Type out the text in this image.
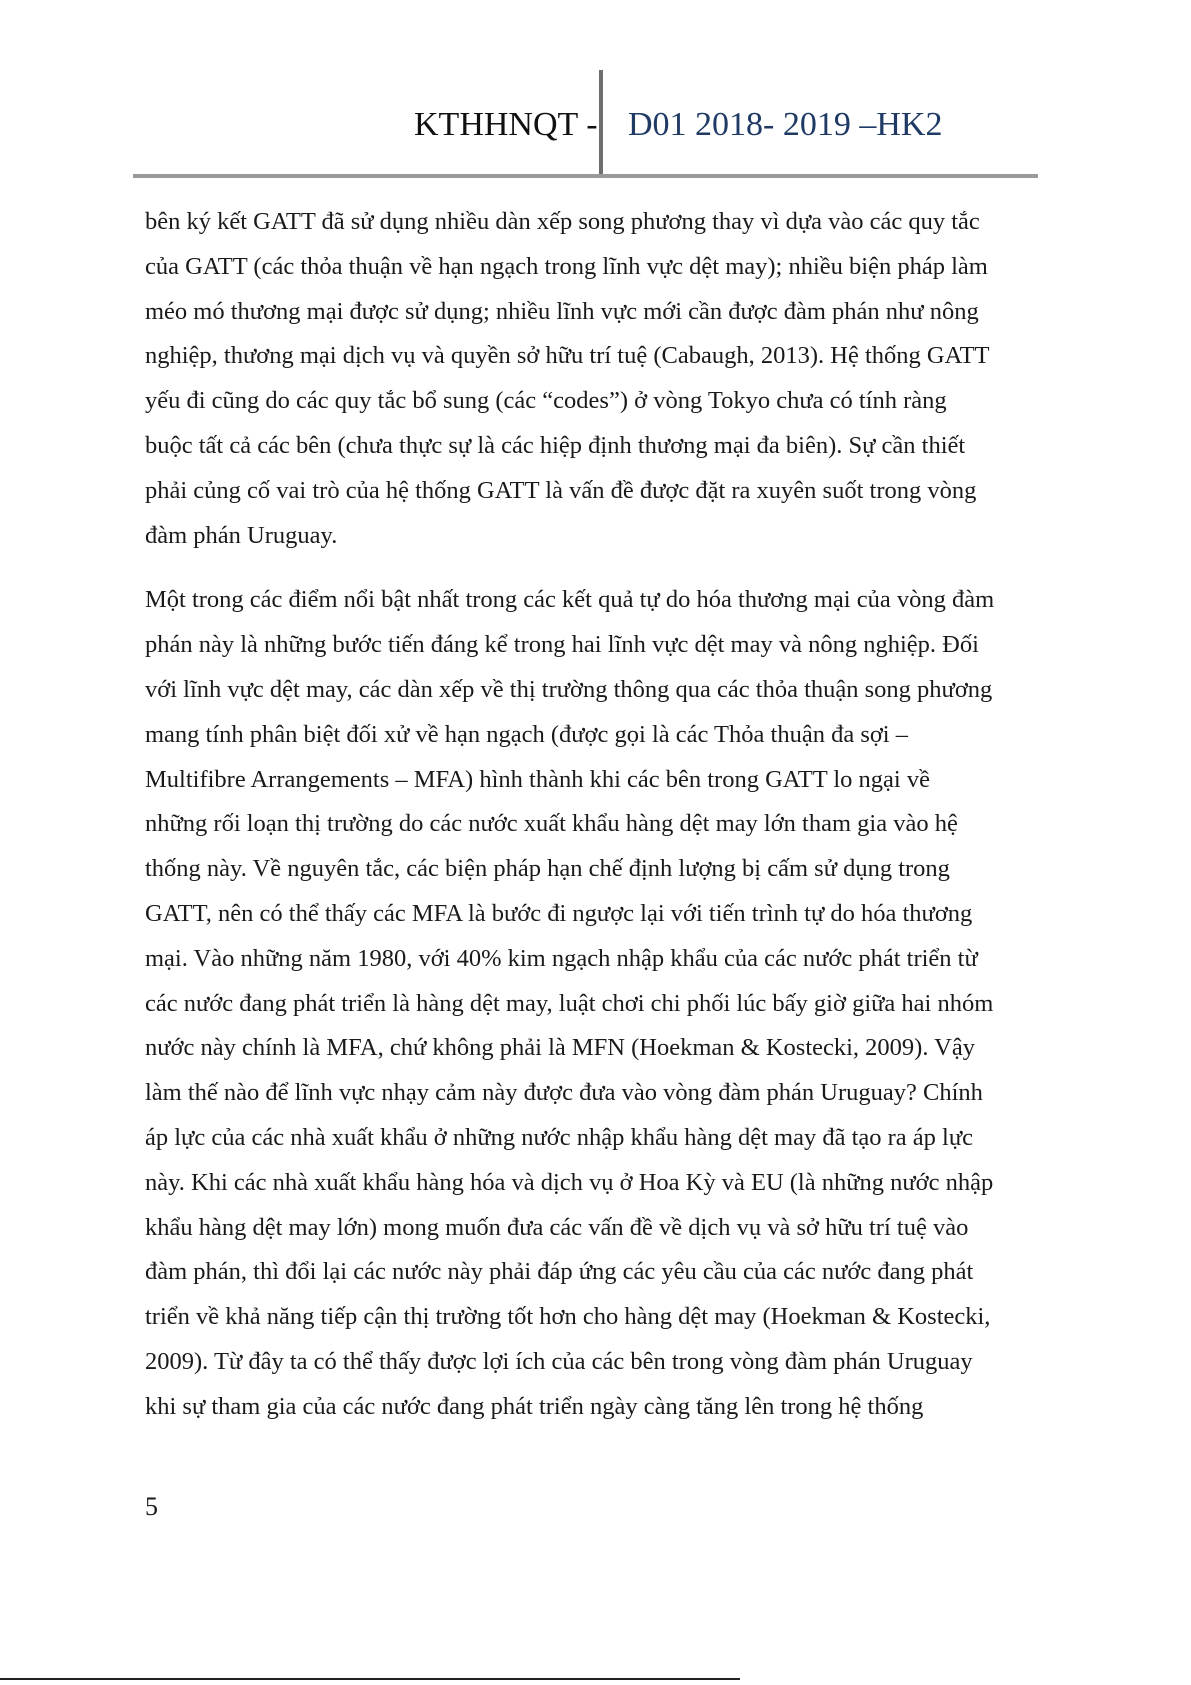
KTHHNQT - D01 2018- 2019 –HK2

bên ký kết GATT đã sử dụng nhiều dàn xếp song phương thay vì dựa vào các quy tắc
của GATT (các thỏa thuận về hạn ngạch trong lĩnh vực dệt may); nhiều biện pháp làm
méo mó thương mại được sử dụng; nhiều lĩnh vực mới cần được đàm phán như nông
nghiệp, thương mại dịch vụ và quyền sở hữu trí tuệ (Cabaugh, 2013). Hệ thống GATT
yếu đi cũng do các quy tắc bổ sung (các “codes”) ở vòng Tokyo chưa có tính ràng
buộc tất cả các bên (chưa thực sự là các hiệp định thương mại đa biên). Sự cần thiết
phải củng cố vai trò của hệ thống GATT là vấn đề được đặt ra xuyên suốt trong vòng
đàm phán Uruguay.

Một trong các điểm nổi bật nhất trong các kết quả tự do hóa thương mại của vòng đàm
phán này là những bước tiến đáng kể trong hai lĩnh vực dệt may và nông nghiệp. Đối
với lĩnh vực dệt may, các dàn xếp về thị trường thông qua các thỏa thuận song phương
mang tính phân biệt đối xử về hạn ngạch (được gọi là các Thỏa thuận đa sợi –
Multifibre Arrangements – MFA) hình thành khi các bên trong GATT lo ngại về
những rối loạn thị trường do các nước xuất khẩu hàng dệt may lớn tham gia vào hệ
thống này. Về nguyên tắc, các biện pháp hạn chế định lượng bị cấm sử dụng trong
GATT, nên có thể thấy các MFA là bước đi ngược lại với tiến trình tự do hóa thương
mại. Vào những năm 1980, với 40% kim ngạch nhập khẩu của các nước phát triển từ
các nước đang phát triển là hàng dệt may, luật chơi chi phối lúc bấy giờ giữa hai nhóm
nước này chính là MFA, chứ không phải là MFN (Hoekman & Kostecki, 2009). Vậy
làm thế nào để lĩnh vực nhạy cảm này được đưa vào vòng đàm phán Uruguay? Chính
áp lực của các nhà xuất khẩu ở những nước nhập khẩu hàng dệt may đã tạo ra áp lực
này. Khi các nhà xuất khẩu hàng hóa và dịch vụ ở Hoa Kỳ và EU (là những nước nhập
khẩu hàng dệt may lớn) mong muốn đưa các vấn đề về dịch vụ và sở hữu trí tuệ vào
đàm phán, thì đổi lại các nước này phải đáp ứng các yêu cầu của các nước đang phát
triển về khả năng tiếp cận thị trường tốt hơn cho hàng dệt may (Hoekman & Kostecki,
2009). Từ đây ta có thể thấy được lợi ích của các bên trong vòng đàm phán Uruguay
khi sự tham gia của các nước đang phát triển ngày càng tăng lên trong hệ thống

5
